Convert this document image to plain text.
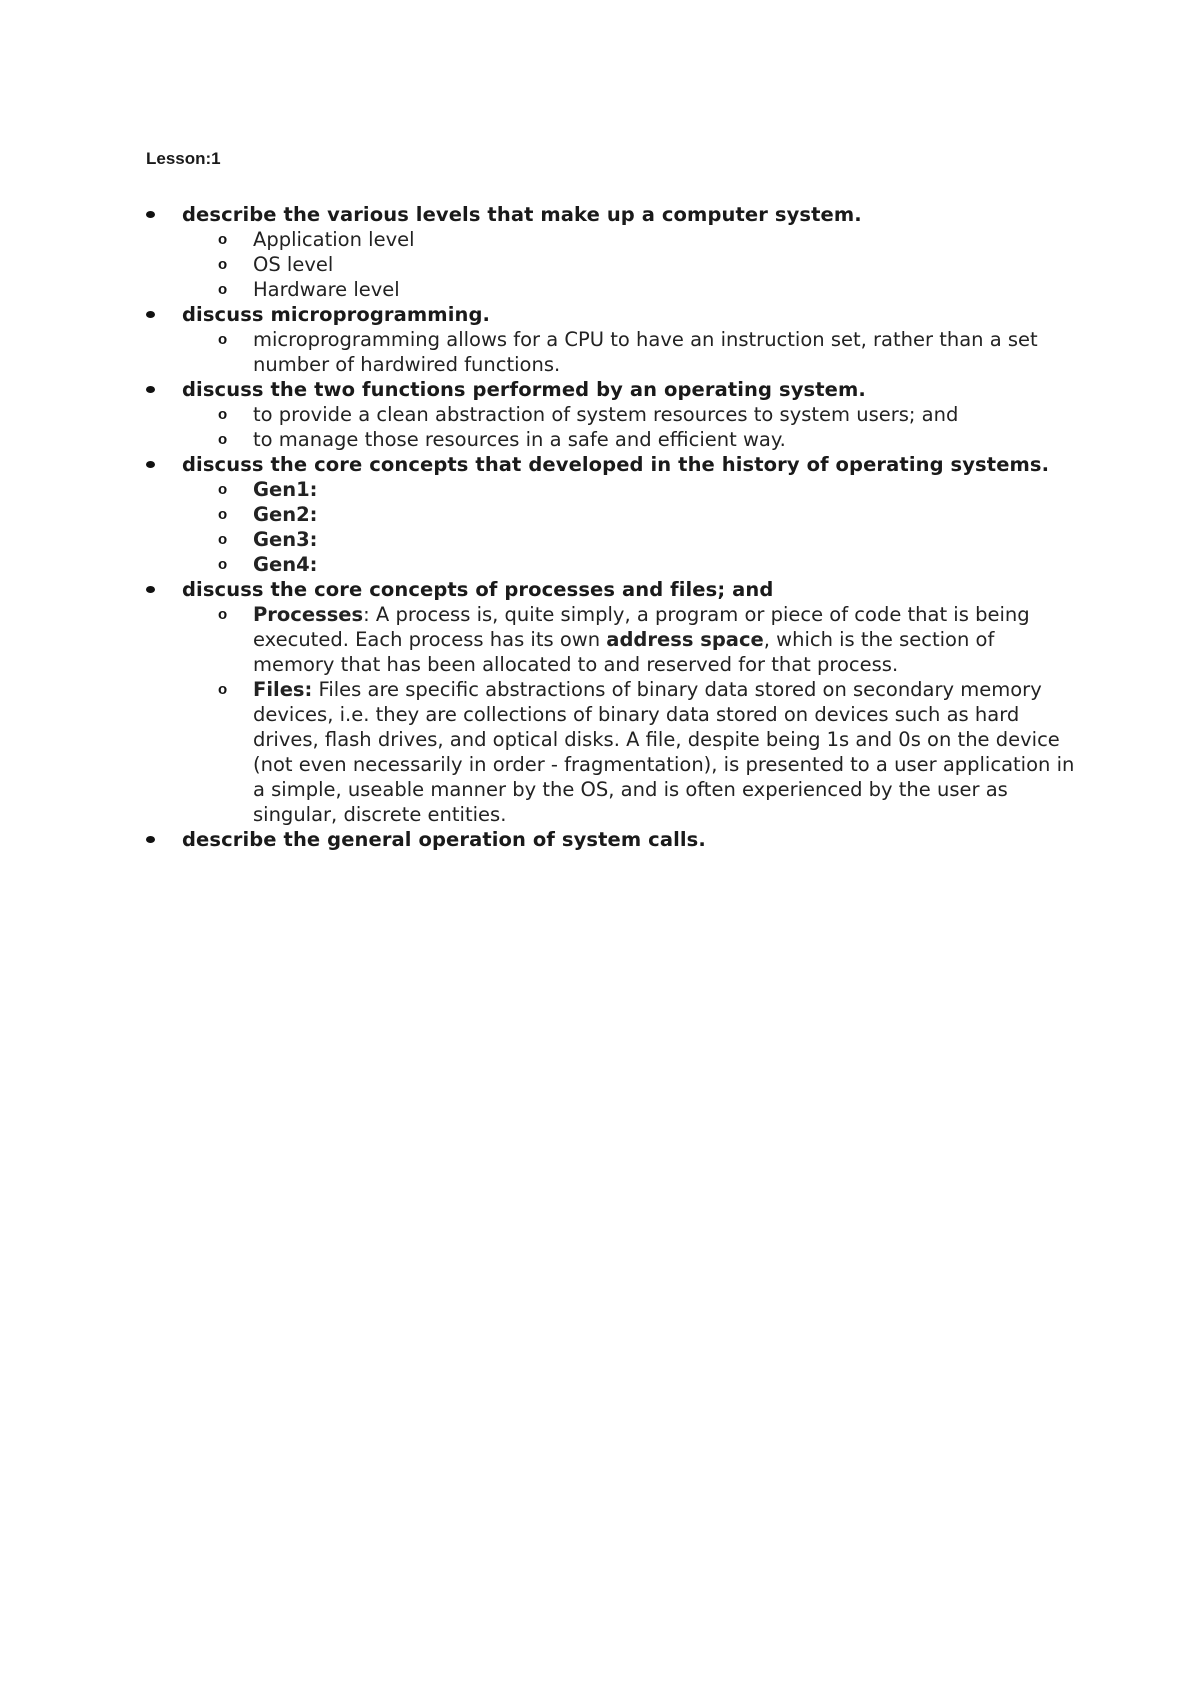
Lesson:1
describe the various levels that make up a computer system.
o	Application level
o	OS level
o	Hardware level
discuss microprogramming.
o	microprogramming allows for a CPU to have an instruction set, rather than a set number of hardwired functions.
discuss the two functions performed by an operating system.
o	to provide a clean abstraction of system resources to system users; and
o	to manage those resources in a safe and efficient way.
discuss the core concepts that developed in the history of operating systems.
o	Gen1:
o	Gen2:
o	Gen3:
o	Gen4:
discuss the core concepts of processes and files; and
o	Processes: A process is, quite simply, a program or piece of code that is being executed. Each process has its own address space, which is the section of memory that has been allocated to and reserved for that process.
o	Files: Files are specific abstractions of binary data stored on secondary memory devices, i.e. they are collections of binary data stored on devices such as hard drives, flash drives, and optical disks. A file, despite being 1s and 0s on the device (not even necessarily in order - fragmentation), is presented to a user application in a simple, useable manner by the OS, and is often experienced by the user as singular, discrete entities.
describe the general operation of system calls.
